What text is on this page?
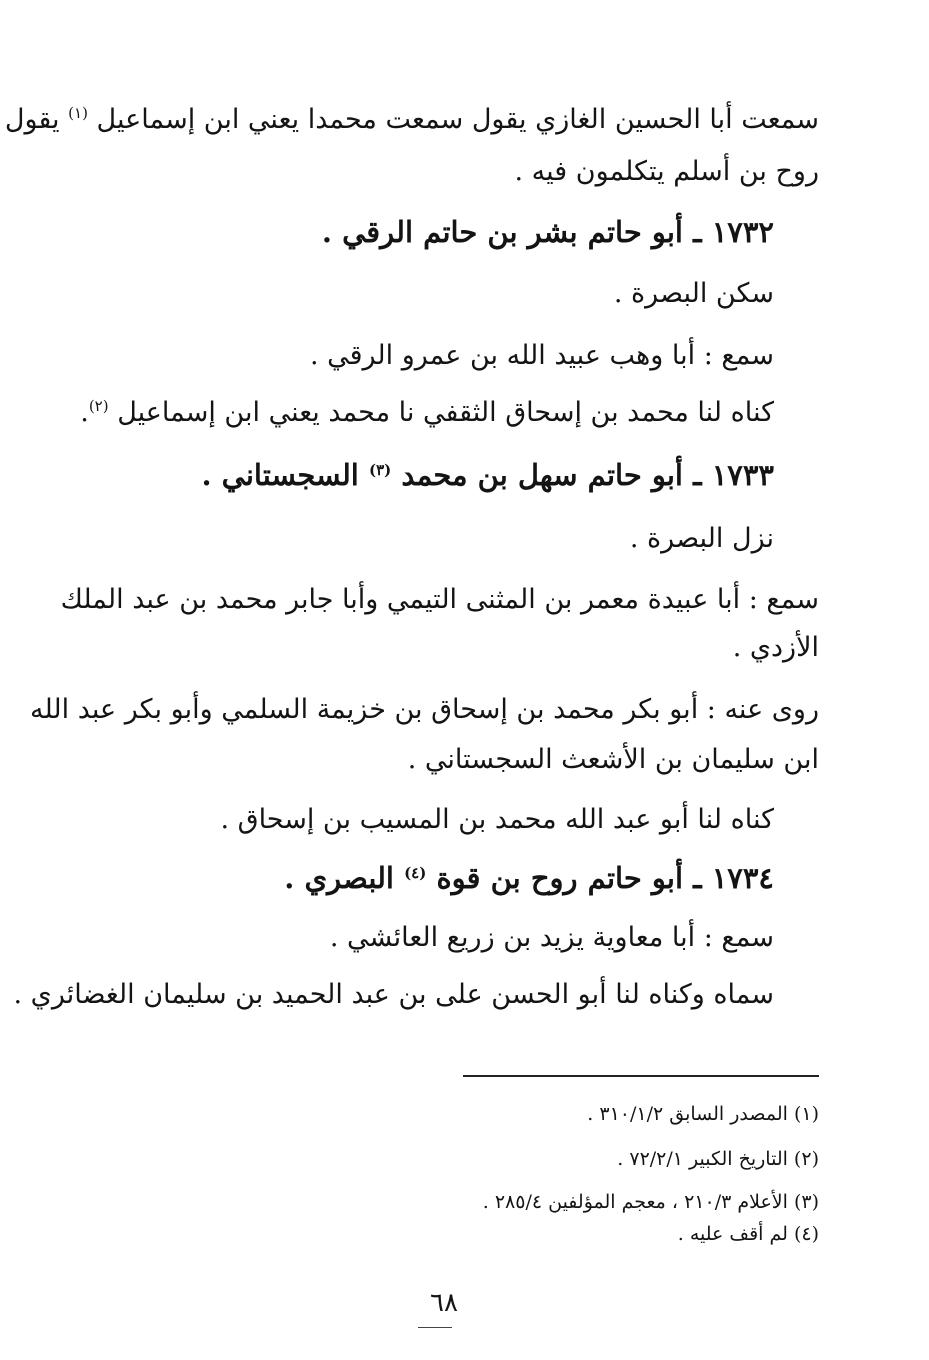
سمعت أبا الحسين الغازي يقول سمعت محمدا يعني ابن إسماعيل $^{(١)}$ يقول
روح بن أسلم يتكلمون فيه .
١٧٣٢ ـ أبو حاتم بشر بن حاتم الرقي .
سكن البصرة .
سمع : أبا وهب عبيد الله بن عمرو الرقي .
كناه لنا محمد بن إسحاق الثقفي نا محمد يعني ابن إسماعيل $^{(٢)}$.
١٧٣٣ ـ أبو حاتم سهل بن محمد $^{(٣)}$ السجستاني .
نزل البصرة .
سمع : أبا عبيدة معمر بن المثنى التيمي وأبا جابر محمد بن عبد الملك
الأزدي .
روى عنه : أبو بكر محمد بن إسحاق بن خزيمة السلمي وأبو بكر عبد الله
ابن سليمان بن الأشعث السجستاني .
كناه لنا أبو عبد الله محمد بن المسيب بن إسحاق .
١٧٣٤ ـ أبو حاتم روح بن قوة $^{(٤)}$ البصري .
سمع : أبا معاوية يزيد بن زريع العائشي .
سماه وكناه لنا أبو الحسن على بن عبد الحميد بن سليمان الغضائري .
(١) المصدر السابق ٣١٠/١/٢ .
(٢) التاريخ الكبير ٧٢/٢/١ .
(٣) الأعلام ٢١٠/٣ ، معجم المؤلفين ٢٨٥/٤ .
(٤) لم أقف عليه .
٦٨
